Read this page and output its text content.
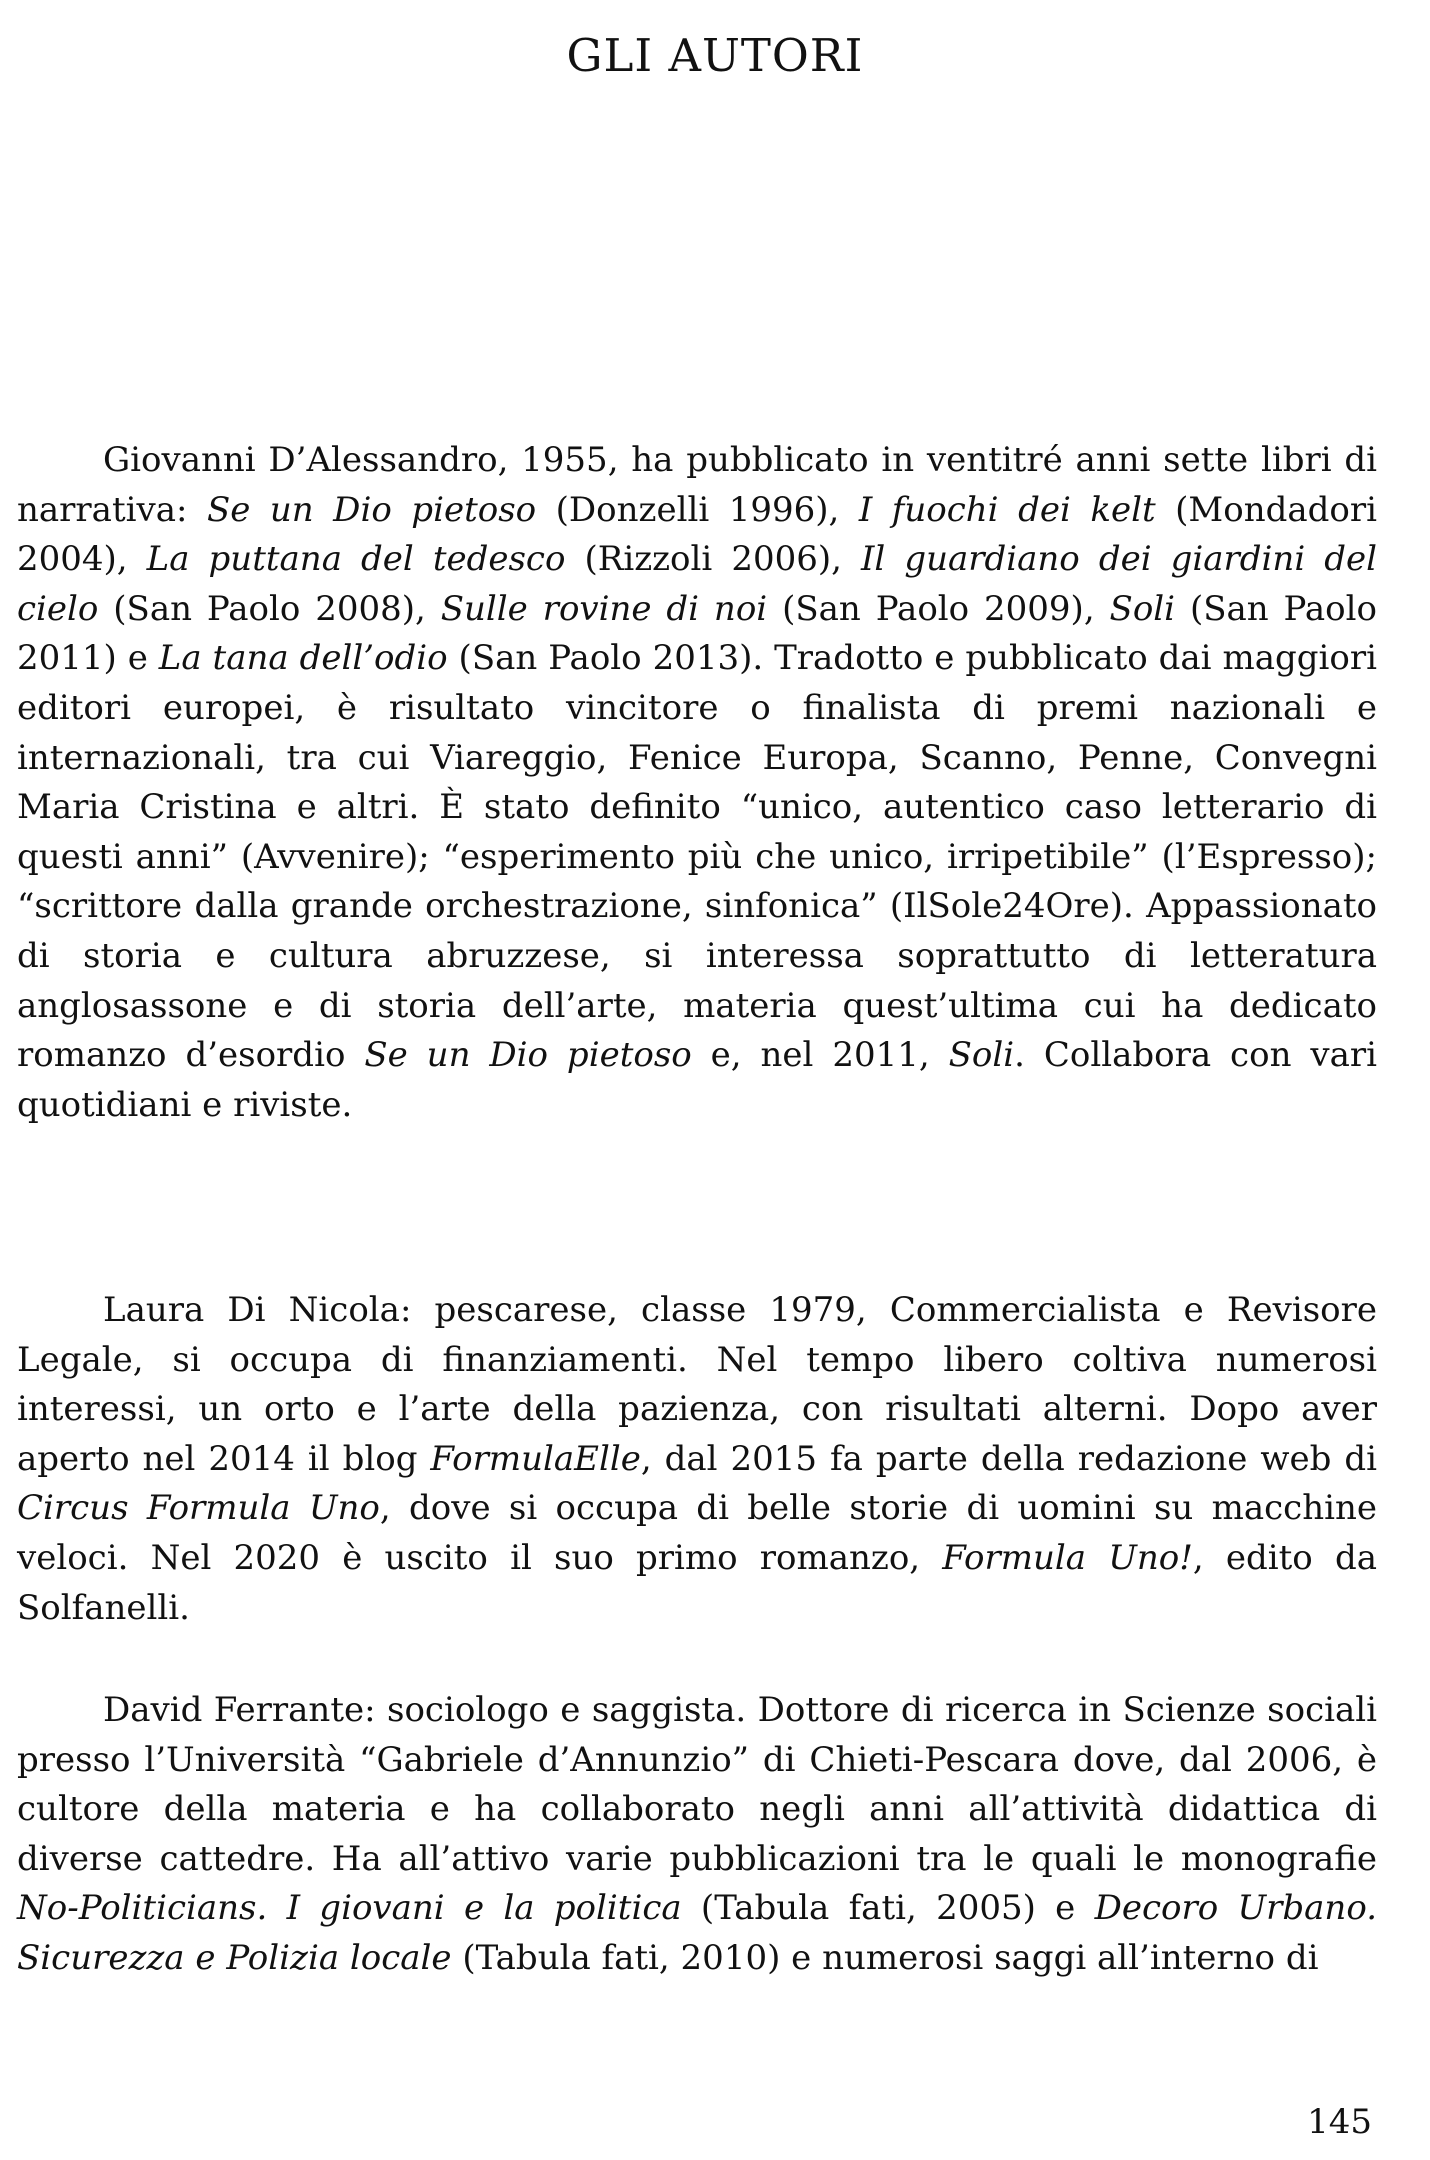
GLI AUTORI

Giovanni D’Alessandro, 1955, ha pubblicato in ventitré anni sette libri di narrativa: Se un Dio pietoso (Donzelli 1996), I fuochi dei kelt (Mondadori 2004), La puttana del tedesco (Rizzoli 2006), Il guardiano dei giardini del cielo (San Paolo 2008), Sulle rovine di noi (San Paolo 2009), Soli (San Paolo 2011) e La tana dell’odio (San Paolo 2013). Tradotto e pubblicato dai maggiori editori europei, è risultato vincitore o finalista di premi nazionali e internazionali, tra cui Viareggio, Fenice Europa, Scanno, Penne, Convegni Maria Cristina e altri. È stato definito “unico, autentico caso letterario di questi anni” (Avvenire); “esperimento più che unico, irripetibile” (l’Espresso); “scrittore dalla grande orchestrazione, sinfonica” (IlSole24Ore). Appassionato di storia e cultura abruzzese, si interessa soprattutto di letteratura anglosassone e di storia dell’arte, materia quest’ultima cui ha dedicato romanzo d’esordio Se un Dio pietoso e, nel 2011, Soli. Collabora con vari quotidiani e riviste.

Laura Di Nicola: pescarese, classe 1979, Commercialista e Revisore Legale, si occupa di finanziamenti. Nel tempo libero coltiva numerosi interessi, un orto e l’arte della pazienza, con risultati alterni. Dopo aver aperto nel 2014 il blog FormulaElle, dal 2015 fa parte della redazione web di Circus Formula Uno, dove si occupa di belle storie di uomini su macchine veloci. Nel 2020 è uscito il suo primo romanzo, Formula Uno!, edito da Solfanelli.

David Ferrante: sociologo e saggista. Dottore di ricerca in Scienze sociali presso l’Università “Gabriele d’Annunzio” di Chieti-Pescara dove, dal 2006, è cultore della materia e ha collaborato negli anni all’attività didattica di diverse cattedre. Ha all’attivo varie pubblicazioni tra le quali le monografie No-Politicians. I giovani e la politica (Tabula fati, 2005) e Decoro Urbano. Sicurezza e Polizia locale (Tabula fati, 2010) e numerosi saggi all’interno di

145
